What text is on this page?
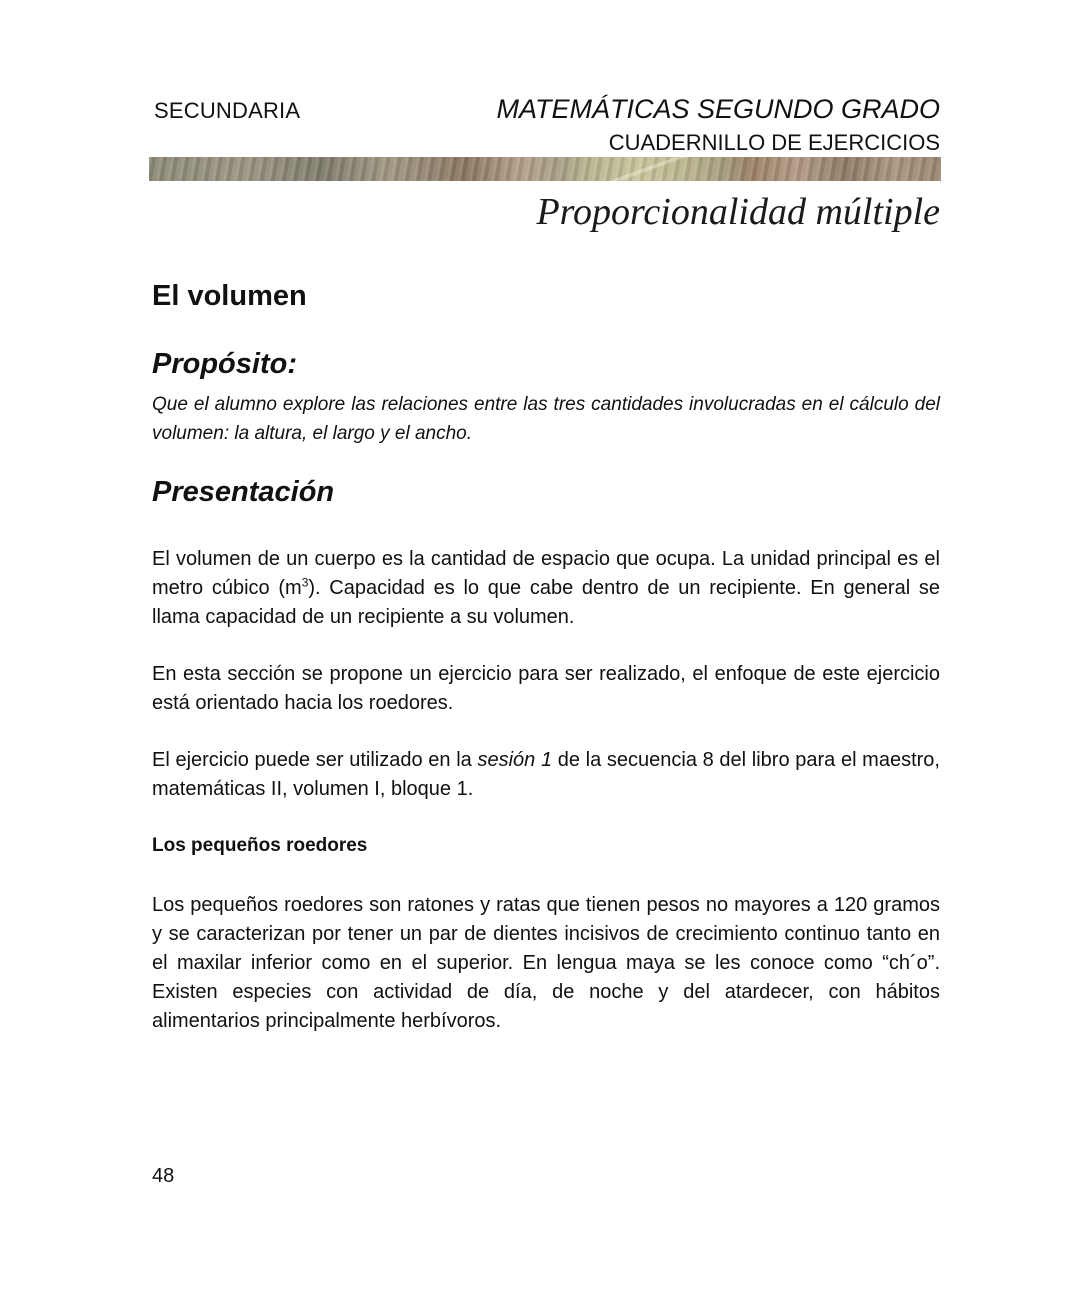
SECUNDARIA	MATEMÁTICAS SEGUNDO GRADO
CUADERNILLO DE EJERCICIOS
Proporcionalidad múltiple
El volumen
Propósito:

Que el alumno explore las relaciones entre las tres cantidades involucradas en el cálculo del volumen: la altura, el largo y el ancho.

Presentación

El volumen de un cuerpo es la cantidad de espacio que ocupa. La unidad principal es el metro cúbico $(m^3)$. Capacidad es lo que cabe dentro de un recipiente. En general se llama capacidad de un recipiente a su volumen.

En esta sección se propone un ejercicio para ser realizado, el enfoque de este ejercicio está orientado hacia los roedores.

El ejercicio puede ser utilizado en la sesión 1 de la secuencia 8 del libro para el maestro, matemáticas II, volumen I, bloque 1.

Los pequeños roedores

Los pequeños roedores son ratones y ratas que tienen pesos no mayores a 120 gramos y se caracterizan por tener un par de dientes incisivos de crecimiento continuo tanto en el maxilar inferior como en el superior. En lengua maya se les conoce como “ch´o”. Existen especies con actividad de día, de noche y del atardecer, con hábitos alimentarios principalmente herbívoros.

48
